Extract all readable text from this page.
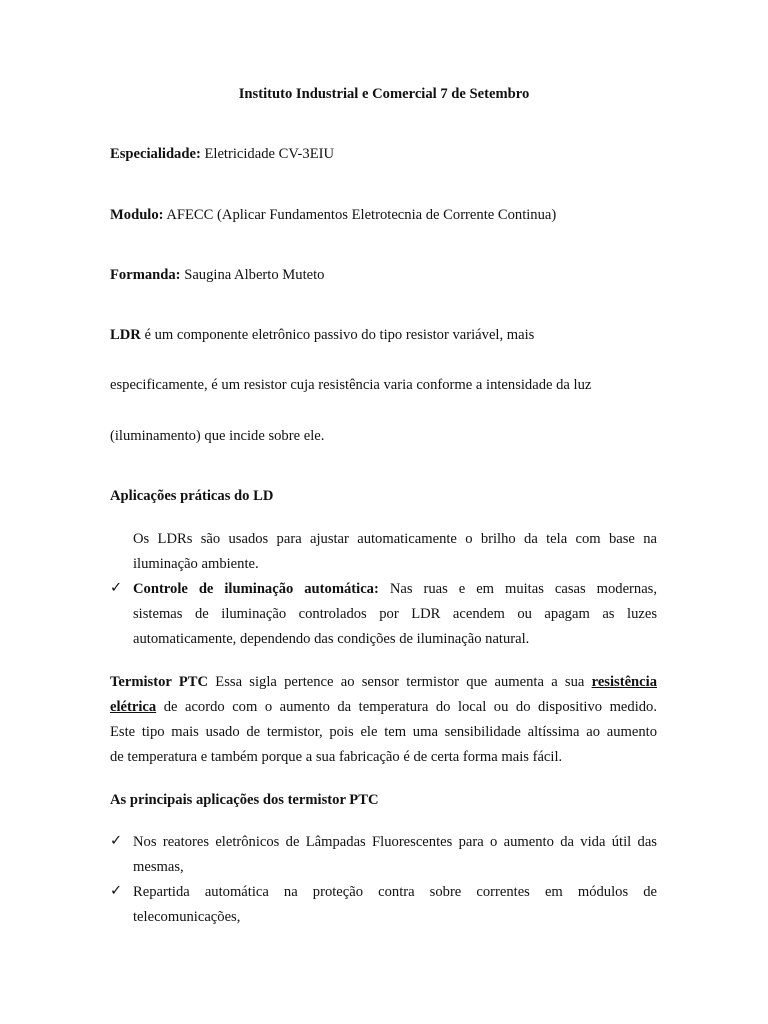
Instituto Industrial e Comercial 7 de Setembro
Especialidade: Eletricidade CV-3EIU
Modulo: AFECC (Aplicar Fundamentos Eletrotecnia de Corrente Continua)
Formanda: Saugina Alberto Muteto
LDR é um componente eletrônico passivo do tipo resistor variável, mais
especificamente, é um resistor cuja resistência varia conforme a intensidade da luz
(iluminamento) que incide sobre ele.
Aplicações práticas do LD
Os LDRs são usados para ajustar automaticamente o brilho da tela com base na
iluminação ambiente.
✓ Controle de iluminação automática: Nas ruas e em muitas casas modernas,
sistemas de iluminação controlados por LDR acendem ou apagam as luzes
automaticamente, dependendo das condições de iluminação natural.
Termistor PTC Essa sigla pertence ao sensor termistor que aumenta a sua resistência
elétrica de acordo com o aumento da temperatura do local ou do dispositivo medido.
Este tipo mais usado de termistor, pois ele tem uma sensibilidade altíssima ao aumento
de temperatura e também porque a sua fabricação é de certa forma mais fácil.
As principais aplicações dos termistor PTC
✓ Nos reatores eletrônicos de Lâmpadas Fluorescentes para o aumento da vida útil das
mesmas,
✓ Repartida automática na proteção contra sobre correntes em módulos de
telecomunicações,
